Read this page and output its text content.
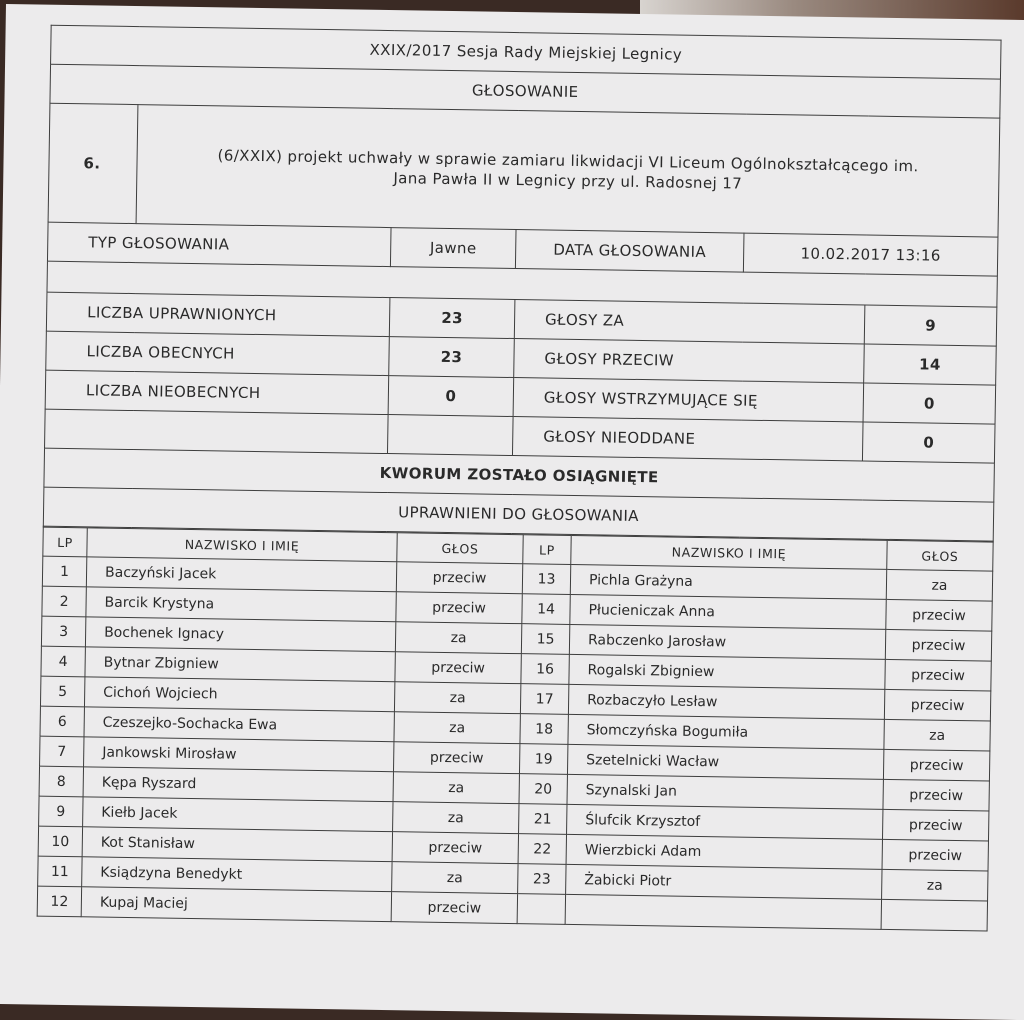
XXIX/2017 Sesja Rady Miejskiej Legnicy					
GŁOSOWANIE					
6.	(6/XXIX) projekt uchwały w sprawie zamiaru likwidacji VI Liceum Ogólnokształcącego im.
Jana Pawła II w Legnicy przy ul. Radosnej 17				
TYP GŁOSOWANIA		Jawne	DATA GŁOSOWANIA	10.02.2017 13:16	

LICZBA UPRAWNIONYCH		23	GŁOSY ZA		9
LICZBA OBECNYCH		23	GŁOSY PRZECIW		14
LICZBA NIEOBECNYCH		0	GŁOSY WSTRZYMUJĄCE SIĘ		0
			GŁOSY NIEODDANE		0
KWORUM ZOSTAŁO OSIĄGNIĘTE					
UPRAWNIENI DO GŁOSOWANIA					
LP	NAZWISKO I IMIĘ	GŁOS	LP	NAZWISKO I IMIĘ	GŁOS
1	Baczyński Jacek	przeciw	13	Pichla Grażyna	za
2	Barcik Krystyna	przeciw	14	Płucieniczak Anna	przeciw
3	Bochenek Ignacy	za	15	Rabczenko Jarosław	przeciw
4	Bytnar Zbigniew	przeciw	16	Rogalski Zbigniew	przeciw
5	Cichoń Wojciech	za	17	Rozbaczyło Lesław	przeciw
6	Czeszejko-Sochacka Ewa	za	18	Słomczyńska Bogumiła	za
7	Jankowski Mirosław	przeciw	19	Szetelnicki Wacław	przeciw
8	Kępa Ryszard	za	20	Szynalski Jan	przeciw
9	Kiełb Jacek	za	21	Ślufcik Krzysztof	przeciw
10	Kot Stanisław	przeciw	22	Wierzbicki Adam	przeciw
11	Ksiądzyna Benedykt	za	23	Żabicki Piotr	za
12	Kupaj Maciej	przeciw			
